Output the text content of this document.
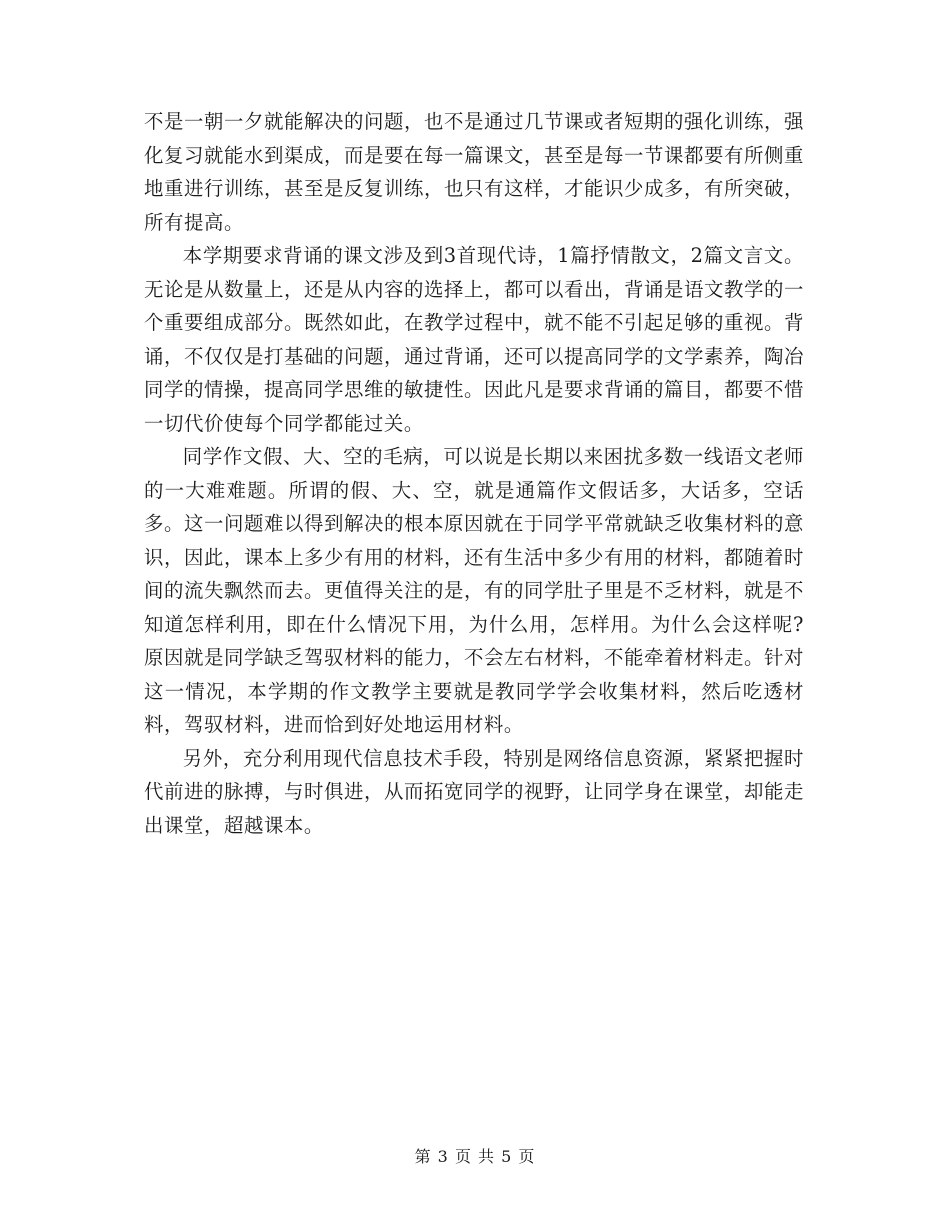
不是一朝一夕就能解决的问题，也不是通过几节课或者短期的强化训练，强化复习就能水到渠成，而是要在每一篇课文，甚至是每一节课都要有所侧重地重进行训练，甚至是反复训练，也只有这样，才能识少成多，有所突破，所有提高。

本学期要求背诵的课文涉及到3首现代诗，1篇抒情散文，2篇文言文。无论是从数量上，还是从内容的选择上，都可以看出，背诵是语文教学的一个重要组成部分。既然如此，在教学过程中，就不能不引起足够的重视。背诵，不仅仅是打基础的问题，通过背诵，还可以提高同学的文学素养，陶冶同学的情操，提高同学思维的敏捷性。因此凡是要求背诵的篇目，都要不惜一切代价使每个同学都能过关。

同学作文假、大、空的毛病，可以说是长期以来困扰多数一线语文老师的一大难难题。所谓的假、大、空，就是通篇作文假话多，大话多，空话多。这一问题难以得到解决的根本原因就在于同学平常就缺乏收集材料的意识，因此，课本上多少有用的材料，还有生活中多少有用的材料，都随着时间的流失飘然而去。更值得关注的是，有的同学肚子里是不乏材料，就是不知道怎样利用，即在什么情况下用，为什么用，怎样用。为什么会这样呢?原因就是同学缺乏驾驭材料的能力，不会左右材料，不能牵着材料走。针对这一情况，本学期的作文教学主要就是教同学学会收集材料，然后吃透材料，驾驭材料，进而恰到好处地运用材料。

另外，充分利用现代信息技术手段，特别是网络信息资源，紧紧把握时代前进的脉搏，与时俱进，从而拓宽同学的视野，让同学身在课堂，却能走出课堂，超越课本。

第 3 页 共 5 页
